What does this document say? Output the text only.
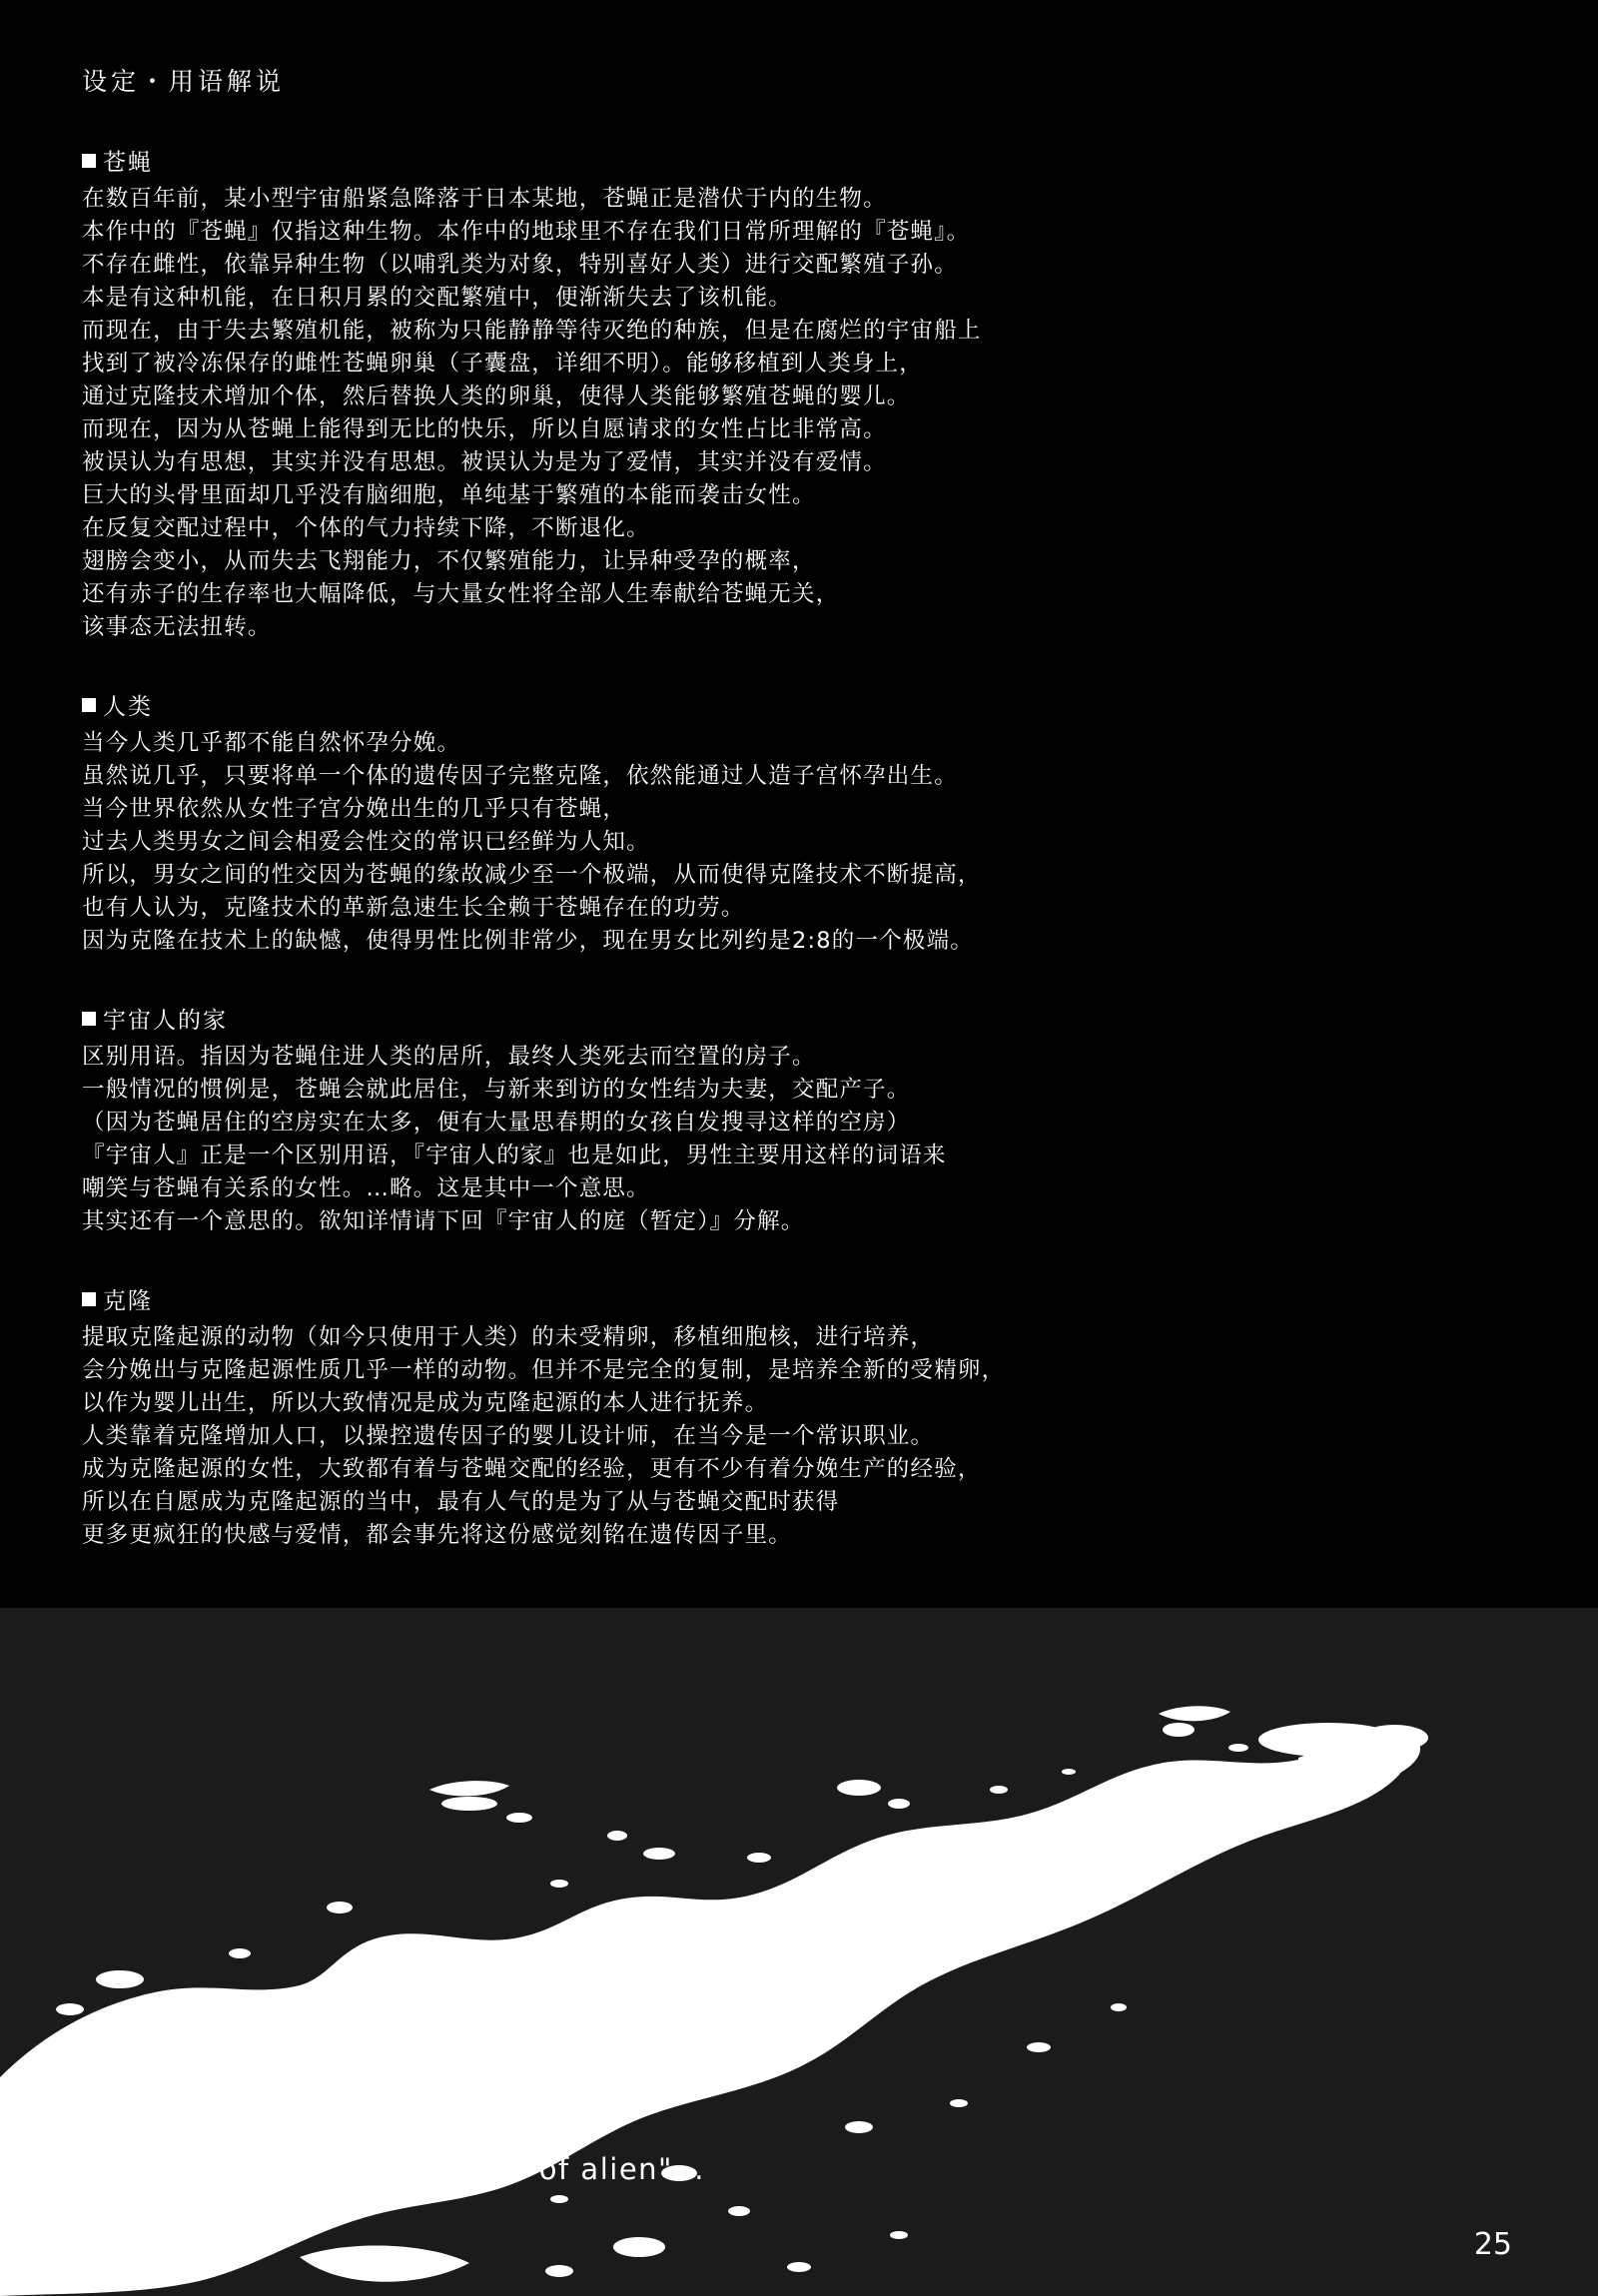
设定・用语解说
苍蝇

在数百年前，某小型宇宙船紧急降落于日本某地，苍蝇正是潜伏于内的生物。

本作中的『苍蝇』仅指这种生物。本作中的地球里不存在我们日常所理解的『苍蝇』。

不存在雌性，依靠异种生物（以哺乳类为对象，特别喜好人类）进行交配繁殖子孙。

本是有这种机能，在日积月累的交配繁殖中，便渐渐失去了该机能。

而现在，由于失去繁殖机能，被称为只能静静等待灭绝的种族，但是在腐烂的宇宙船上

找到了被冷冻保存的雌性苍蝇卵巢（子囊盘，详细不明）。能够移植到人类身上，

通过克隆技术增加个体，然后替换人类的卵巢，使得人类能够繁殖苍蝇的婴儿。

而现在，因为从苍蝇上能得到无比的快乐，所以自愿请求的女性占比非常高。

被误认为有思想，其实并没有思想。被误认为是为了爱情，其实并没有爱情。

巨大的头骨里面却几乎没有脑细胞，单纯基于繁殖的本能而袭击女性。

在反复交配过程中，个体的气力持续下降，不断退化。

翅膀会变小，从而失去飞翔能力，不仅繁殖能力，让异种受孕的概率，

还有赤子的生存率也大幅降低，与大量女性将全部人生奉献给苍蝇无关，

该事态无法扭转。

人类

当今人类几乎都不能自然怀孕分娩。

虽然说几乎，只要将单一个体的遗传因子完整克隆，依然能通过人造子宫怀孕出生。

当今世界依然从女性子宫分娩出生的几乎只有苍蝇，

过去人类男女之间会相爱会性交的常识已经鲜为人知。

所以，男女之间的性交因为苍蝇的缘故减少至一个极端，从而使得克隆技术不断提高，

也有人认为，克隆技术的革新急速生长全赖于苍蝇存在的功劳。

因为克隆在技术上的缺憾，使得男性比例非常少，现在男女比列约是2:8的一个极端。

宇宙人的家

区别用语。指因为苍蝇住进人类的居所，最终人类死去而空置的房子。

一般情况的惯例是，苍蝇会就此居住，与新来到访的女性结为夫妻，交配产子。

（因为苍蝇居住的空房实在太多，便有大量思春期的女孩自发搜寻这样的空房）

『宇宙人』正是一个区别用语，『宇宙人的家』也是如此，男性主要用这样的词语来

嘲笑与苍蝇有关系的女性。…略。这是其中一个意思。

其实还有一个意思的。欲知详情请下回『宇宙人的庭（暂定）』分解。

克隆

提取克隆起源的动物（如今只使用于人类）的未受精卵，移植细胞核，进行培养，

会分娩出与克隆起源性质几乎一样的动物。但并不是完全的复制，是培养全新的受精卵，

以作为婴儿出生，所以大致情况是成为克隆起源的本人进行抚养。

人类靠着克隆增加人口，以操控遗传因子的婴儿设计师，在当今是一个常识职业。

成为克隆起源的女性，大致都有着与苍蝇交配的经验，更有不少有着分娩生产的经验，

所以在自愿成为克隆起源的当中，最有人气的是为了从与苍蝇交配时获得

更多更疯狂的快感与爱情，都会事先将这份感觉刻铭在遗传因子里。

Continue to next "Garden of alien"...
25
